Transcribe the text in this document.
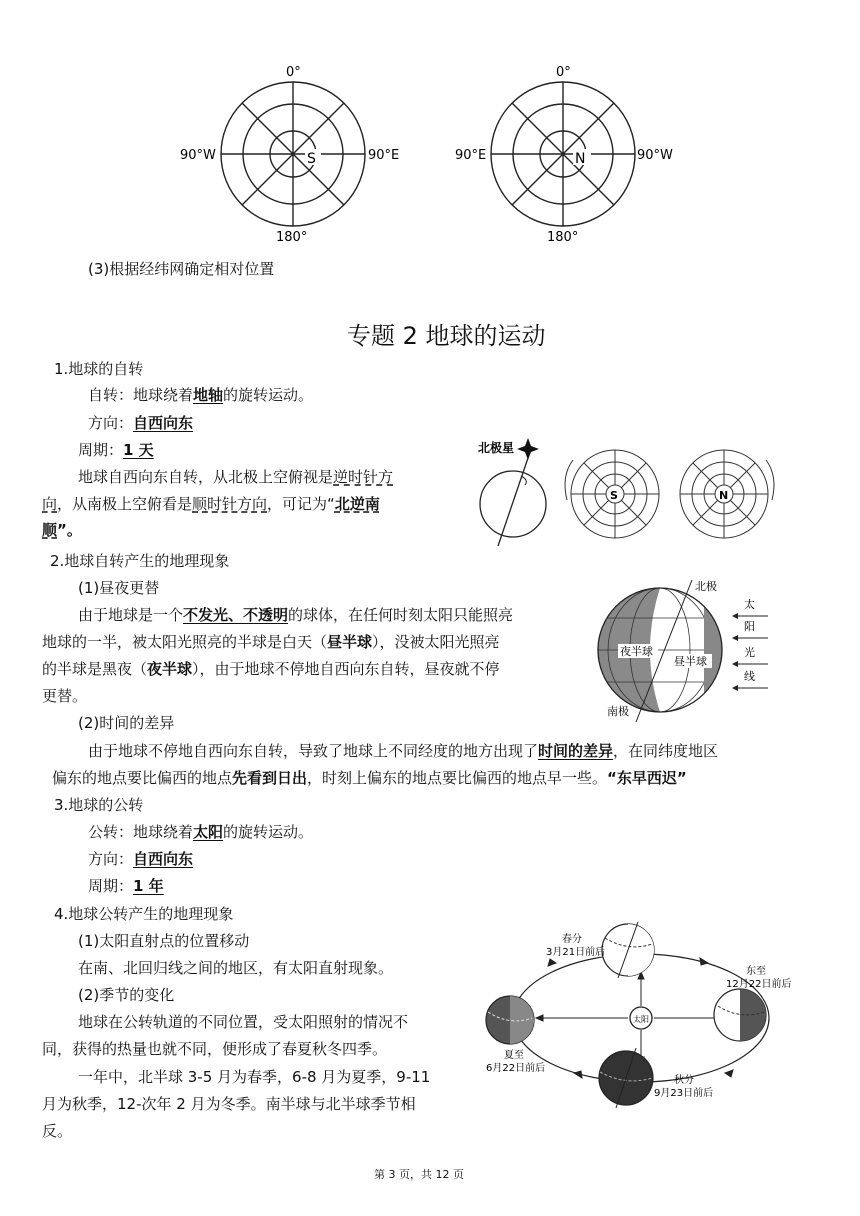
S
0°
90°W	90°E
180°
N
0°
90°E	90°W
180°
(3)根据经纬网确定相对位置
专题 2 地球的运动
1.地球的自转
自转：地球绕着地轴的旋转运动。
方向：自西向东
周期：1 天
地球自西向东自转，从北极上空俯视是逆时针方
向，从南极上空俯看是顺时针方向，可记为“北逆南
顺”。
北极星
S	N
2.地球自转产生的地理现象
(1)昼夜更替
由于地球是一个不发光、不透明的球体，在任何时刻太阳只能照亮
地球的一半，被太阳光照亮的半球是白天（昼半球），没被太阳光照亮
的半球是黑夜（夜半球），由于地球不停地自西向东自转，昼夜就不停
更替。
(2)时间的差异
由于地球不停地自西向东自转，导致了地球上不同经度的地方出现了时间的差异，在同纬度地区
偏东的地点要比偏西的地点先看到日出，时刻上偏东的地点要比偏西的地点早一些。“东早西迟”
北极
南极
夜半球
昼半球
太
阳
光
线
3.地球的公转
公转：地球绕着太阳的旋转运动。
方向：自西向东
周期：1 年
4.地球公转产生的地理现象
(1)太阳直射点的位置移动
在南、北回归线之间的地区，有太阳直射现象。
(2)季节的变化
地球在公转轨道的不同位置，受太阳照射的情况不
同，获得的热量也就不同，便形成了春夏秋冬四季。
一年中，北半球 3-5 月为春季，6-8 月为夏季，9-11
月为秋季，12-次年 2 月为冬季。南半球与北半球季节相
反。
太阳
春分
3月21日前后
东至
12月22日前后
夏至
6月22日前后
秋分
9月23日前后
第 3 页，共 12 页
